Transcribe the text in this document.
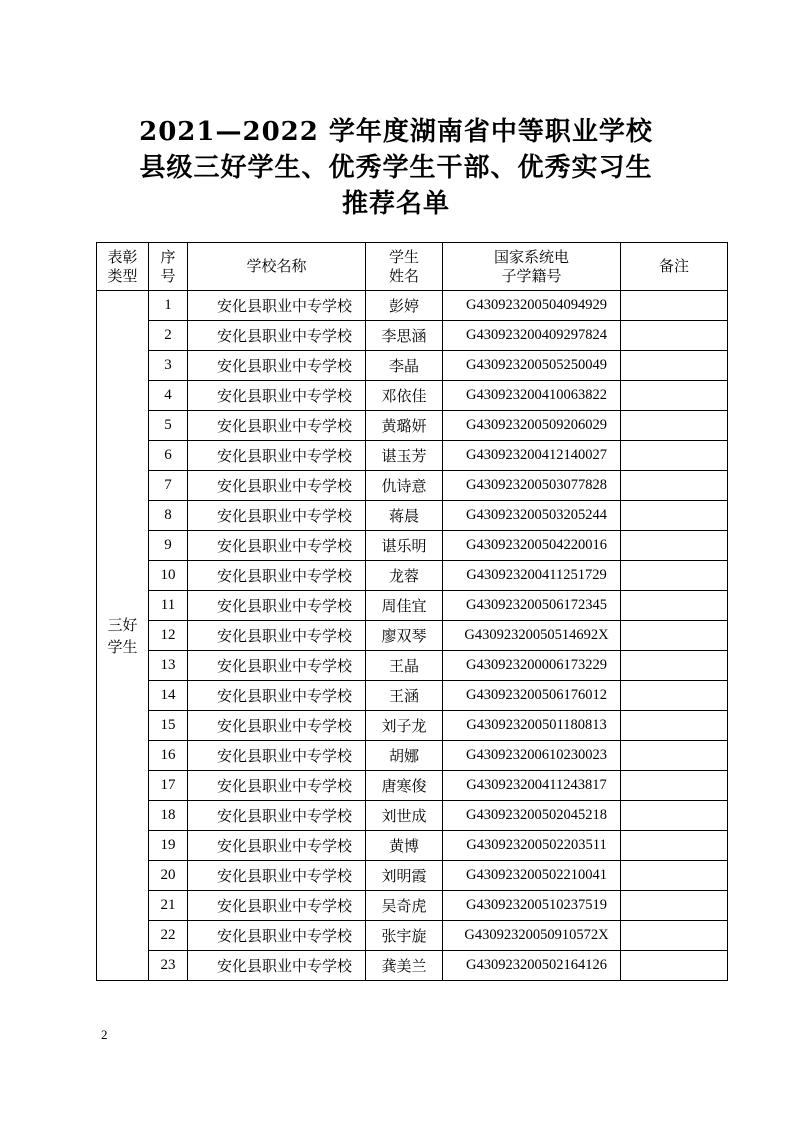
2021—2022 学年度湖南省中等职业学校
县级三好学生、优秀学生干部、优秀实习生
推荐名单
表彰类型	序号	学校名称	学生姓名	国家系统电子学籍号	备注
三好学生	1	安化县职业中专学校	彭婷	G430923200504094929	
	2	安化县职业中专学校	李思涵	G430923200409297824	
	3	安化县职业中专学校	李晶	G430923200505250049	
	4	安化县职业中专学校	邓依佳	G430923200410063822	
	5	安化县职业中专学校	黄璐妍	G430923200509206029	
	6	安化县职业中专学校	谌玉芳	G430923200412140027	
	7	安化县职业中专学校	仇诗意	G430923200503077828	
	8	安化县职业中专学校	蒋晨	G430923200503205244	
	9	安化县职业中专学校	谌乐明	G430923200504220016	
	10	安化县职业中专学校	龙蓉	G430923200411251729	
	11	安化县职业中专学校	周佳宜	G430923200506172345	
	12	安化县职业中专学校	廖双琴	G43092320050514692X	
	13	安化县职业中专学校	王晶	G430923200006173229	
	14	安化县职业中专学校	王涵	G430923200506176012	
	15	安化县职业中专学校	刘子龙	G430923200501180813	
	16	安化县职业中专学校	胡娜	G430923200610230023	
	17	安化县职业中专学校	唐寒俊	G430923200411243817	
	18	安化县职业中专学校	刘世成	G430923200502045218	
	19	安化县职业中专学校	黄博	G430923200502203511	
	20	安化县职业中专学校	刘明霞	G430923200502210041	
	21	安化县职业中专学校	吴奇虎	G430923200510237519	
	22	安化县职业中专学校	张宇旋	G43092320050910572X	
	23	安化县职业中专学校	龚美兰	G430923200502164126	
2
